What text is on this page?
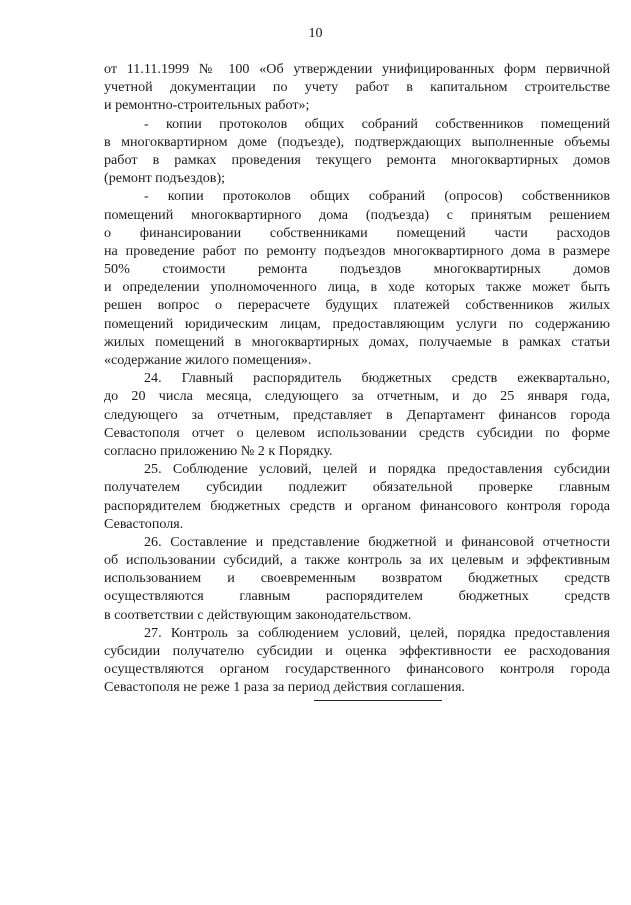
10
от 11.11.1999 № 100 «Об утверждении унифицированных форм первичной
учетной документации по учету работ в капитальном строительстве
и ремонтно-строительных работ»;
- копии протоколов общих собраний собственников помещений
в многоквартирном доме (подъезде), подтверждающих выполненные объемы
работ в рамках проведения текущего ремонта многоквартирных домов
(ремонт подъездов);
- копии протоколов общих собраний (опросов) собственников
помещений многоквартирного дома (подъезда) с принятым решением
о финансировании собственниками помещений части расходов
на проведение работ по ремонту подъездов многоквартирного дома в размере
50% стоимости ремонта подъездов многоквартирных домов
и определении уполномоченного лица, в ходе которых также может быть
решен вопрос о перерасчете будущих платежей собственников жилых
помещений юридическим лицам, предоставляющим услуги по содержанию
жилых помещений в многоквартирных домах, получаемые в рамках статьи
«содержание жилого помещения».
24. Главный распорядитель бюджетных средств ежеквартально,
до 20 числа месяца, следующего за отчетным, и до 25 января года,
следующего за отчетным, представляет в Департамент финансов города
Севастополя отчет о целевом использовании средств субсидии по форме
согласно приложению № 2 к Порядку.
25. Соблюдение условий, целей и порядка предоставления субсидии
получателем субсидии подлежит обязательной проверке главным
распорядителем бюджетных средств и органом финансового контроля города
Севастополя.
26. Составление и представление бюджетной и финансовой отчетности
об использовании субсидий, а также контроль за их целевым и эффективным
использованием и своевременным возвратом бюджетных средств
осуществляются главным распорядителем бюджетных средств
в соответствии с действующим законодательством.
27. Контроль за соблюдением условий, целей, порядка предоставления
субсидии получателю субсидии и оценка эффективности ее расходования
осуществляются органом государственного финансового контроля города
Севастополя не реже 1 раза за период действия соглашения.
